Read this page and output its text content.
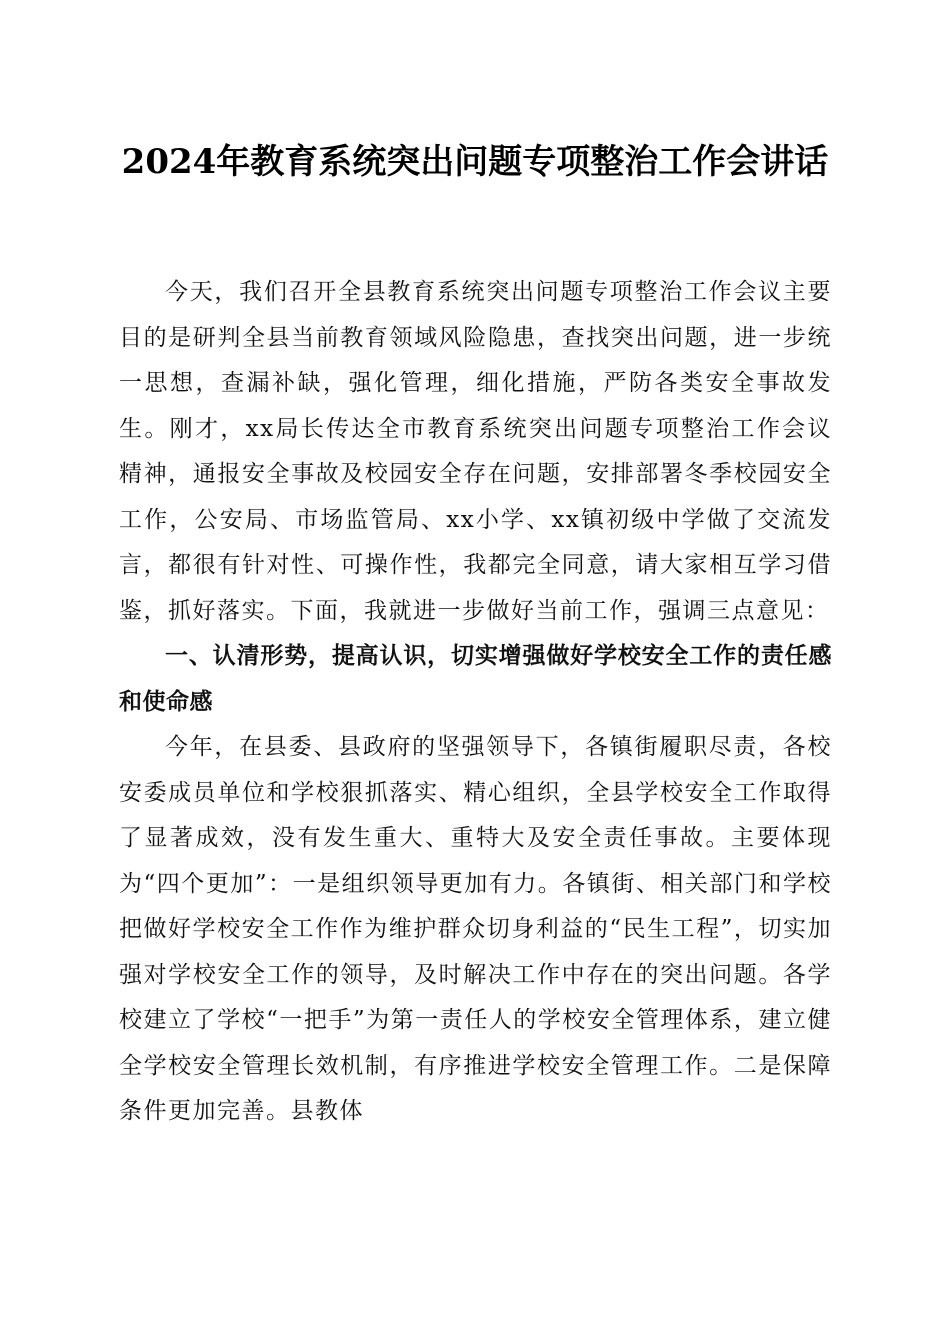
2024年教育系统突出问题专项整治工作会讲话

今天，我们召开全县教育系统突出问题专项整治工作会议主要目的是研判全县当前教育领域风险隐患，查找突出问题，进一步统一思想，查漏补缺，强化管理，细化措施，严防各类安全事故发生。刚才，xx局长传达全市教育系统突出问题专项整治工作会议精神，通报安全事故及校园安全存在问题，安排部署冬季校园安全工作，公安局、市场监管局、xx小学、xx镇初级中学做了交流发言，都很有针对性、可操作性，我都完全同意，请大家相互学习借鉴，抓好落实。下面，我就进一步做好当前工作，强调三点意见：

一、认清形势，提高认识，切实增强做好学校安全工作的责任感和使命感

今年，在县委、县政府的坚强领导下，各镇街履职尽责，各校安委成员单位和学校狠抓落实、精心组织，全县学校安全工作取得了显著成效，没有发生重大、重特大及安全责任事故。主要体现为“四个更加”：一是组织领导更加有力。各镇街、相关部门和学校把做好学校安全工作作为维护群众切身利益的“民生工程”，切实加强对学校安全工作的领导，及时解决工作中存在的突出问题。各学校建立了学校“一把手”为第一责任人的学校安全管理体系，建立健全学校安全管理长效机制，有序推进学校安全管理工作。二是保障条件更加完善。县教体
